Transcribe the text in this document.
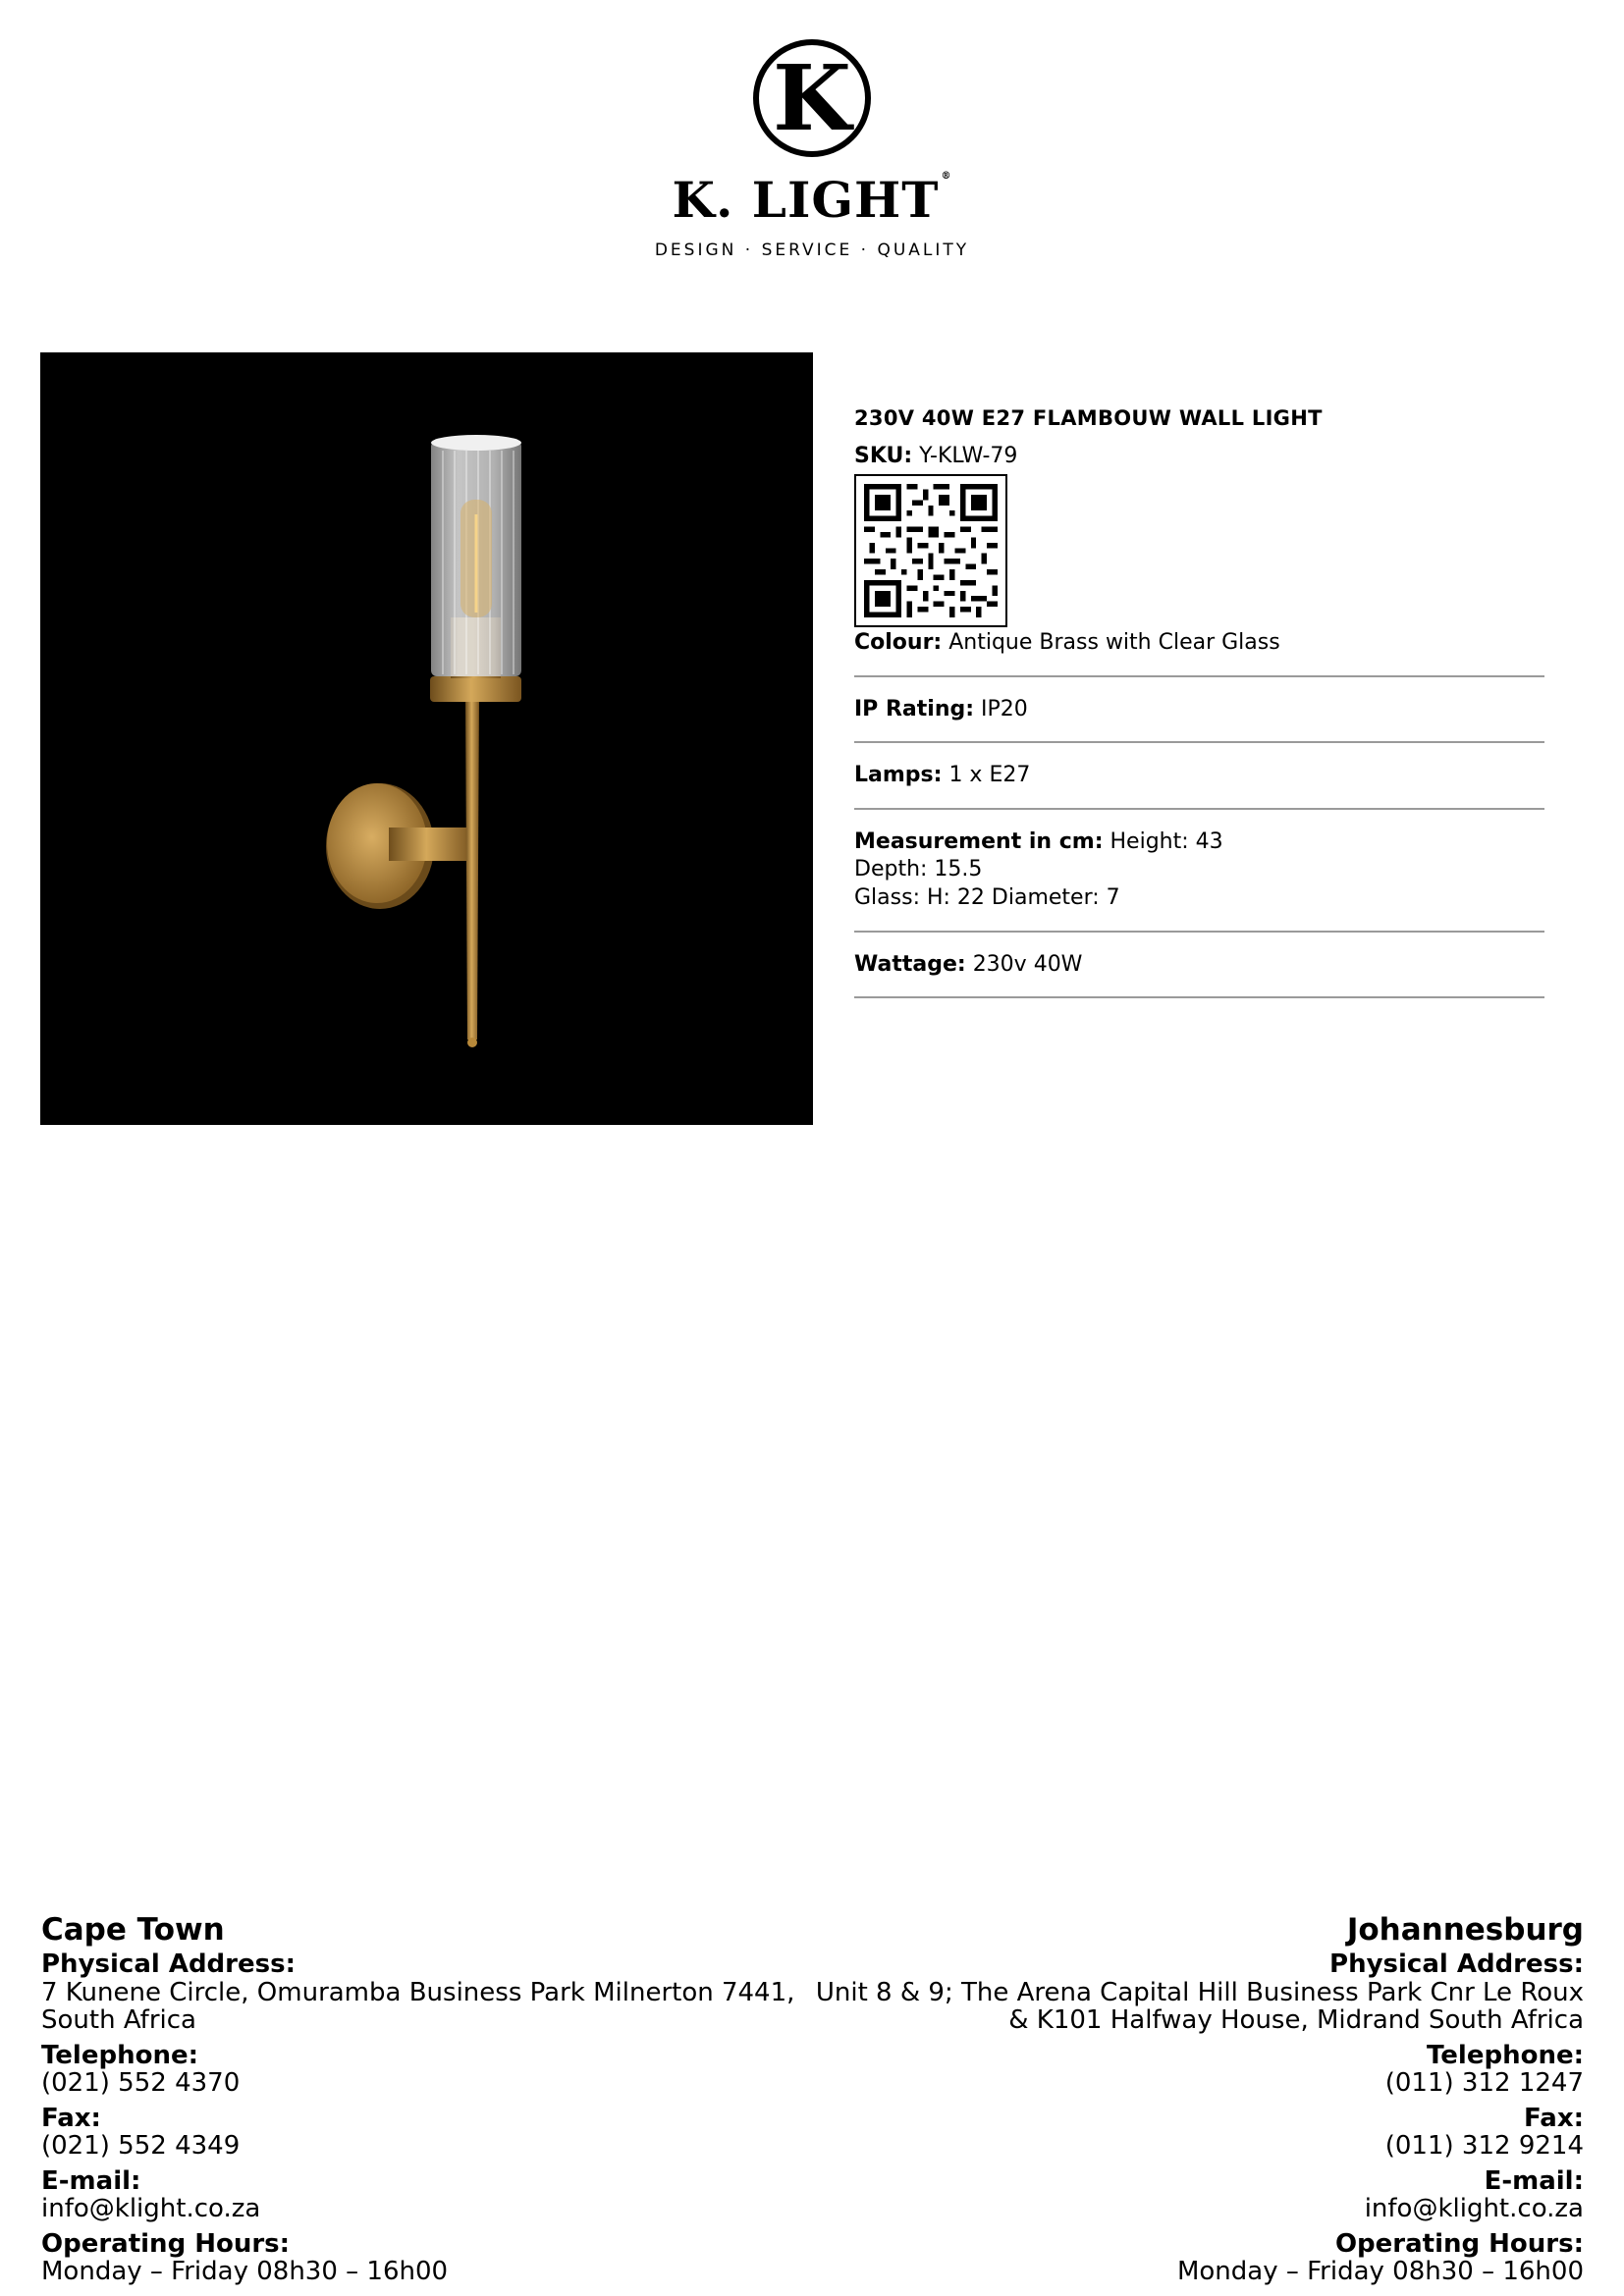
K
K. LIGHT ®
DESIGN · SERVICE · QUALITY
230V 40W E27 FLAMBOUW WALL LIGHT
SKU: Y-KLW-79
Colour: Antique Brass with Clear Glass
IP Rating: IP20
Lamps: 1 x E27
Measurement in cm: Height: 43
Depth: 15.5
Glass: H: 22 Diameter: 7
Wattage: 230v 40W
Cape Town
Physical Address:
7 Kunene Circle, Omuramba Business Park Milnerton 7441,
South Africa
Telephone:
(021) 552 4370
Fax:
(021) 552 4349
E-mail:
info@klight.co.za
Operating Hours:
Monday – Friday 08h30 – 16h00
Johannesburg
Physical Address:
Unit 8 & 9; The Arena Capital Hill Business Park Cnr Le Roux
& K101 Halfway House, Midrand South Africa
Telephone:
(011) 312 1247
Fax:
(011) 312 9214
E-mail:
info@klight.co.za
Operating Hours:
Monday – Friday 08h30 – 16h00
